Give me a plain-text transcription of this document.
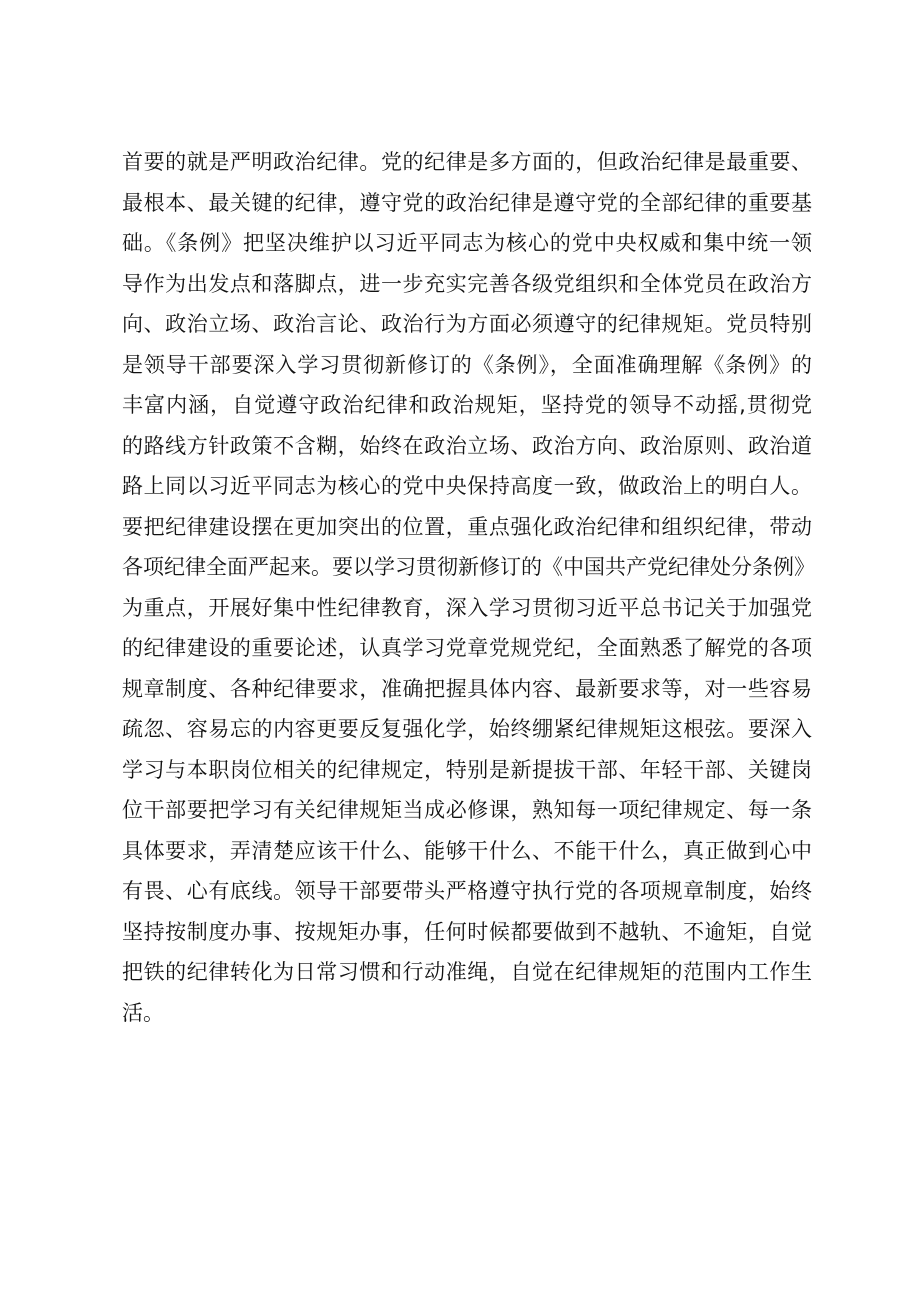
首要的就是严明政治纪律。党的纪律是多方面的，但政治纪律是最重要、
最根本、最关键的纪律，遵守党的政治纪律是遵守党的全部纪律的重要基
础。《条例》把坚决维护以习近平同志为核心的党中央权威和集中统一领
导作为出发点和落脚点，进一步充实完善各级党组织和全体党员在政治方
向、政治立场、政治言论、政治行为方面必须遵守的纪律规矩。党员特别
是领导干部要深入学习贯彻新修订的《条例》，全面准确理解《条例》的
丰富内涵，自觉遵守政治纪律和政治规矩，坚持党的领导不动摇,贯彻党
的路线方针政策不含糊，始终在政治立场、政治方向、政治原则、政治道
路上同以习近平同志为核心的党中央保持高度一致，做政治上的明白人。
要把纪律建设摆在更加突出的位置，重点强化政治纪律和组织纪律，带动
各项纪律全面严起来。要以学习贯彻新修订的《中国共产党纪律处分条例》
为重点，开展好集中性纪律教育，深入学习贯彻习近平总书记关于加强党
的纪律建设的重要论述，认真学习党章党规党纪，全面熟悉了解党的各项
规章制度、各种纪律要求，准确把握具体内容、最新要求等，对一些容易
疏忽、容易忘的内容更要反复强化学，始终绷紧纪律规矩这根弦。要深入
学习与本职岗位相关的纪律规定，特别是新提拔干部、年轻干部、关键岗
位干部要把学习有关纪律规矩当成必修课，熟知每一项纪律规定、每一条
具体要求，弄清楚应该干什么、能够干什么、不能干什么，真正做到心中
有畏、心有底线。领导干部要带头严格遵守执行党的各项规章制度，始终
坚持按制度办事、按规矩办事，任何时候都要做到不越轨、不逾矩，自觉
把铁的纪律转化为日常习惯和行动准绳，自觉在纪律规矩的范围内工作生
活。
